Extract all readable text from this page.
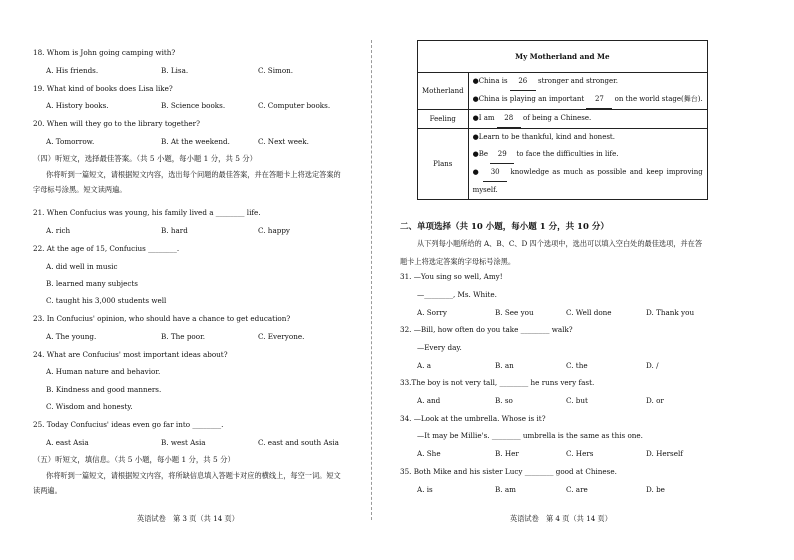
18. Whom is John going camping with?
A. His friends.	B. Lisa.	C. Simon.
19. What kind of books does Lisa like?
A. History books.	B. Science books.	C. Computer books.
20. When will they go to the library together?
A. Tomorrow.	B. At the weekend.	C. Next week.
（四）听短文，选择最佳答案。（共 5 小题，每小题 1 分，共 5 分）
你将听到一篇短文，请根据短文内容，选出每个问题的最佳答案，并在答题卡上将选定答案的字母标号涂黑。短文读两遍。
21. When Confucius was young, his family lived a ________ life.
A. rich	B. hard	C. happy
22. At the age of 15, Confucius ________.
A. did well in music
B. learned many subjects
C. taught his 3,000 students well
23. In Confucius' opinion, who should have a chance to get education?
A. The young.	B. The poor.	C. Everyone.
24. What are Confucius' most important ideas about?
A. Human nature and behavior.
B. Kindness and good manners.
C. Wisdom and honesty.
25. Today Confucius' ideas even go far into ________.
A. east Asia	B. west Asia	C. east and south Asia
（五）听短文，填信息。（共 5 小题，每小题 1 分，共 5 分）
你将听到一篇短文，请根据短文内容，将所缺信息填入答题卡对应的横线上，每空一词。短文读两遍。
英语试卷　第 3 页（共 14 页）
My Motherland and Me	
Motherland	●China is 26 stronger and stronger.
●China is playing an important 27 on the world stage(舞台).

Feeling	●I am 28 of being a Chinese.

Plans	●Learn to be thankful, kind and honest.
●Be 29 to face the difficulties in life.
● 30 knowledge as much as possible and keep improving myself.
二、单项选择（共 10 小题，每小题 1 分，共 10 分）
从下列每小题所给的 A、B、C、D 四个选项中，选出可以填入空白处的最佳选项，并在答题卡上将选定答案的字母标号涂黑。
31. —You sing so well, Amy!
—________, Ms. White.
A. Sorry	B. See you	C. Well done	D. Thank you
32. —Bill, how often do you take ________ walk?
—Every day.
A. a	B. an	C. the	D. /
33.The boy is not very tall, ________ he runs very fast.
A. and	B. so	C. but	D. or
34. —Look at the umbrella. Whose is it?
—It may be Millie's. ________ umbrella is the same as this one.
A. She	B. Her	C. Hers	D. Herself
35. Both Mike and his sister Lucy ________ good at Chinese.
A. is	B. am	C. are	D. be
英语试卷　第 4 页（共 14 页）
